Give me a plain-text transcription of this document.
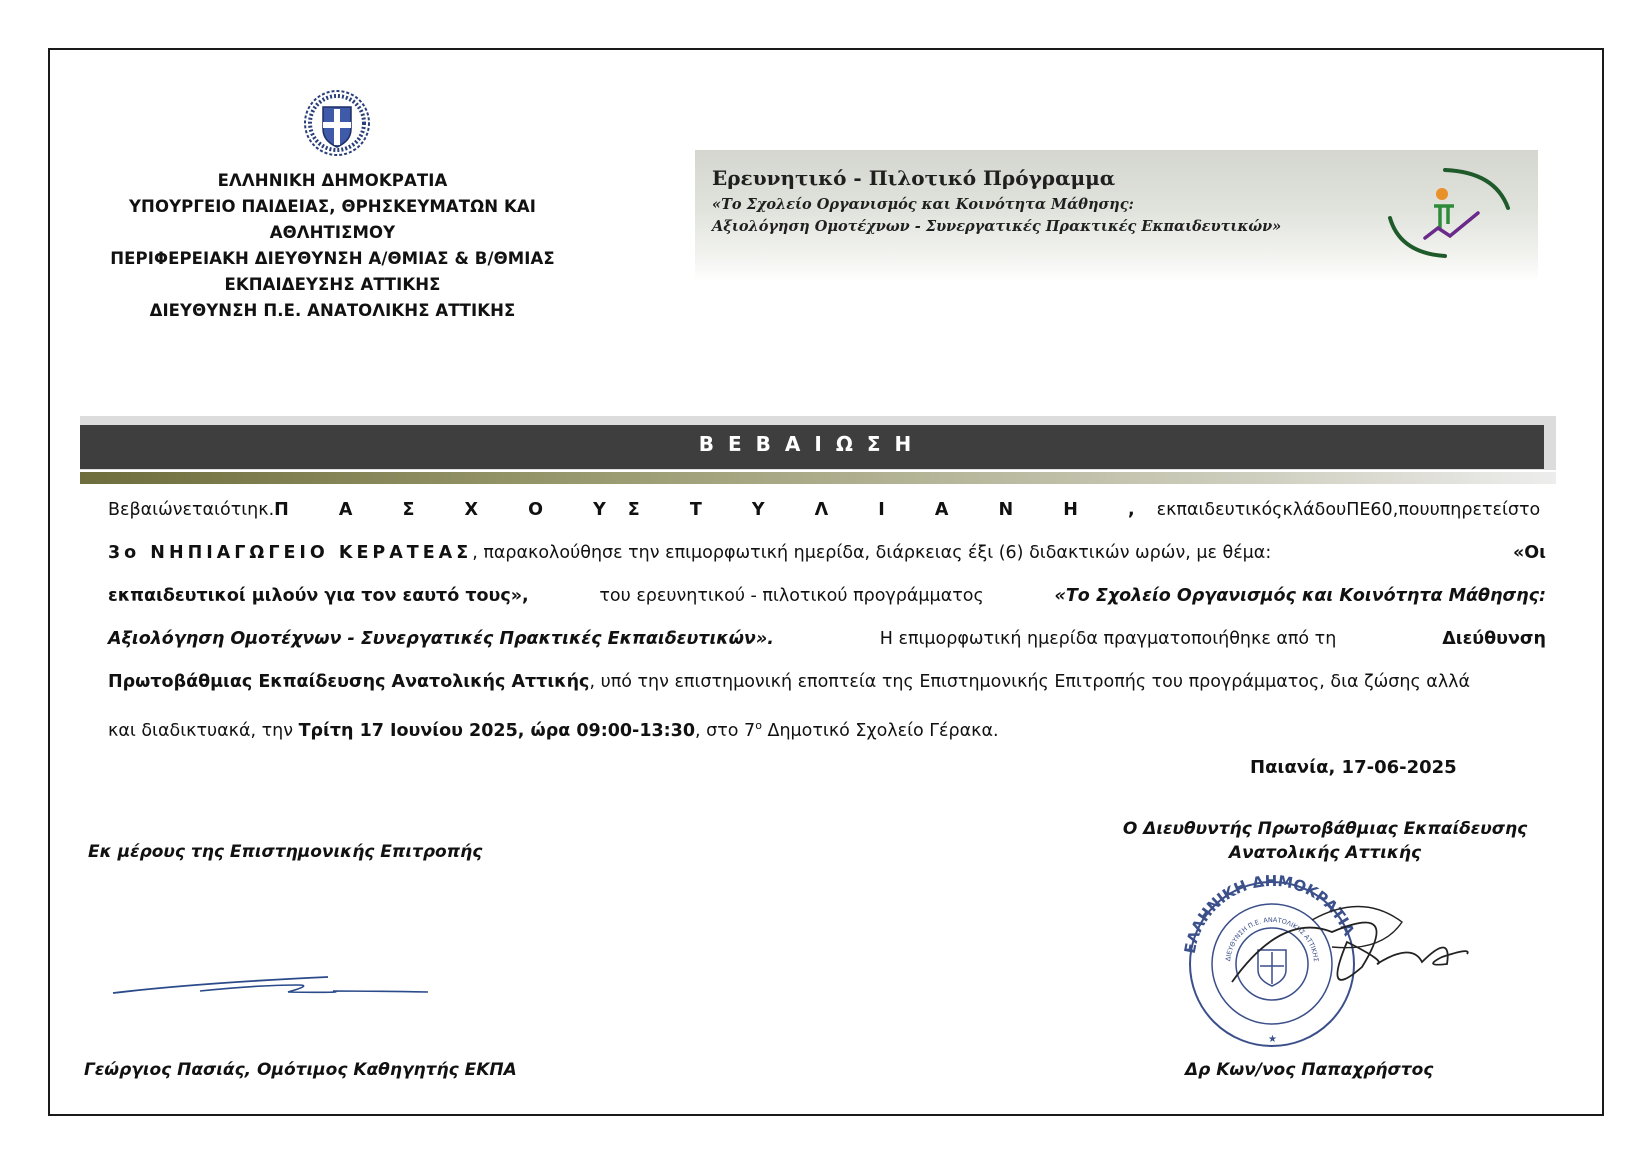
ΕΛΛΗΝΙΚΗ ΔΗΜΟΚΡΑΤΙΑ
ΥΠΟΥΡΓΕΙΟ ΠΑΙΔΕΙΑΣ, ΘΡΗΣΚΕΥΜΑΤΩΝ ΚΑΙ
ΑΘΛΗΤΙΣΜΟΥ
ΠΕΡΙΦΕΡΕΙΑΚΗ ΔΙΕΥΘΥΝΣΗ Α/ΘΜΙΑΣ & Β/ΘΜΙΑΣ
ΕΚΠΑΙΔΕΥΣΗΣ ΑΤΤΙΚΗΣ
ΔΙΕΥΘΥΝΣΗ Π.Ε. ΑΝΑΤΟΛΙΚΗΣ ΑΤΤΙΚΗΣ
Ερευνητικό - Πιλοτικό Πρόγραμμα
«Το Σχολείο Οργανισμός και Κοινότητα Μάθησης:
Αξιολόγηση Ομοτέχνων - Συνεργατικές Πρακτικές Εκπαιδευτικών»
ΒΕΒΑΙΩΣΗ
Βεβαιώνεται ότι η κ. Π Α Σ Χ Ο Υ Σ Τ Υ Λ Ι Α Ν Η , εκπαιδευτικός κλάδου ΠΕ60, που υπηρετεί στο
3ο ΝΗΠΙΑΓΩΓΕΙΟ ΚΕΡΑΤΕΑΣ, παρακολούθησε την επιμορφωτική ημερίδα, διάρκειας έξι (6) διδακτικών ωρών, με θέμα:	«Οι
εκπαιδευτικοί μιλούν για τον εαυτό τους»,	του ερευνητικού - πιλοτικού προγράμματος	«Το Σχολείο Οργανισμός και Κοινότητα Μάθησης:
Αξιολόγηση Ομοτέχνων - Συνεργατικές Πρακτικές Εκπαιδευτικών».	Η επιμορφωτική ημερίδα πραγματοποιήθηκε από τη	Διεύθυνση
Πρωτοβάθμιας Εκπαίδευσης Ανατολικής Αττικής, υπό την επιστημονική εποπτεία της Επιστημονικής Επιτροπής του προγράμματος, δια ζώσης αλλά
και διαδικτυακά, την Τρίτη 17 Ιουνίου 2025, ώρα 09:00-13:30, στο $7^o$ Δημοτικό Σχολείο Γέρακα.
Παιανία, 17-06-2025
Εκ μέρους της Επιστημονικής Επιτροπής
Γεώργιος Πασιάς, Ομότιμος Καθηγητής ΕΚΠΑ
Ο Διευθυντής Πρωτοβάθμιας Εκπαίδευσης
Ανατολικής Αττικής
ΕΛΛΗΝΙΚΗ ΔΗΜΟΚΡΑΤΙΑ
ΔΙΕΥΘΥΝΣΗ Π.Ε. ΑΝΑΤΟΛΙΚΗΣ ΑΤΤΙΚΗΣ
★
Δρ Κων/νος Παπαχρήστος
